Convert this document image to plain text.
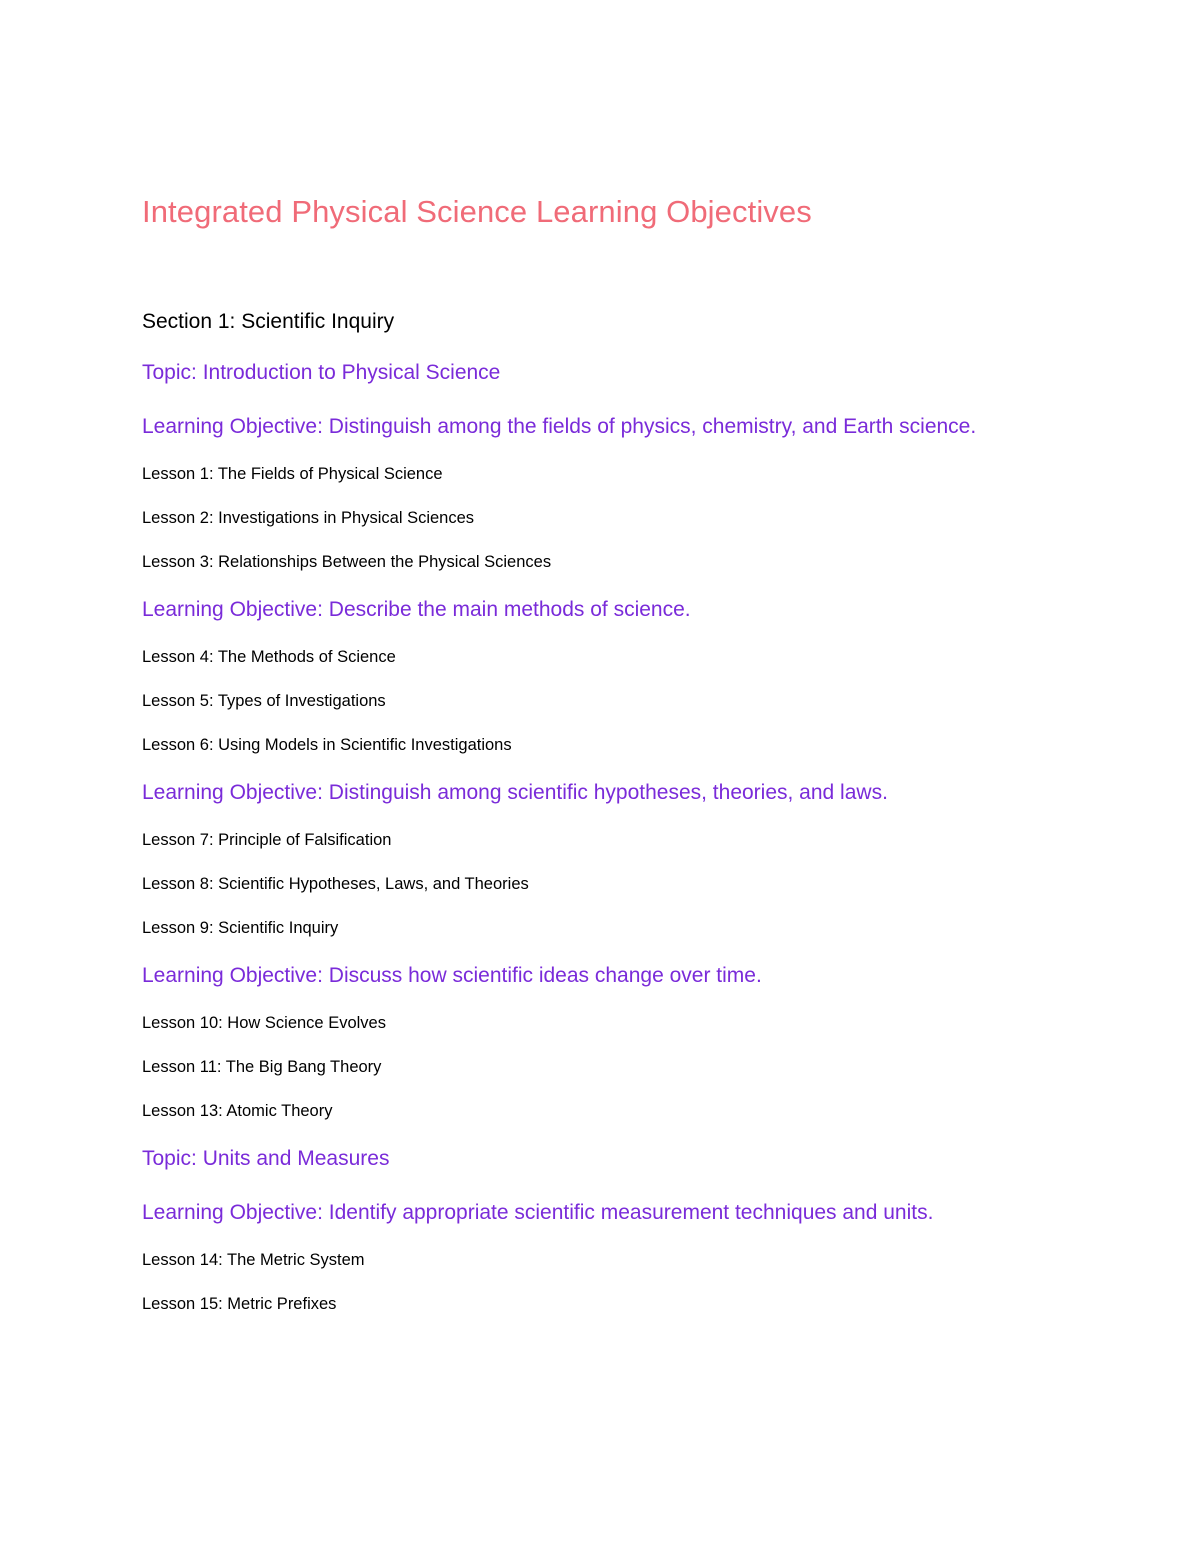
Integrated Physical Science Learning Objectives
Section 1: Scientific Inquiry
Topic: Introduction to Physical Science
Learning Objective: Distinguish among the fields of physics, chemistry, and Earth science.
Lesson 1: The Fields of Physical Science
Lesson 2: Investigations in Physical Sciences
Lesson 3: Relationships Between the Physical Sciences
Learning Objective: Describe the main methods of science.
Lesson 4: The Methods of Science
Lesson 5: Types of Investigations
Lesson 6: Using Models in Scientific Investigations
Learning Objective: Distinguish among scientific hypotheses, theories, and laws.
Lesson 7: Principle of Falsification
Lesson 8: Scientific Hypotheses, Laws, and Theories
Lesson 9: Scientific Inquiry
Learning Objective: Discuss how scientific ideas change over time.
Lesson 10: How Science Evolves
Lesson 11: The Big Bang Theory
Lesson 13: Atomic Theory
Topic: Units and Measures
Learning Objective: Identify appropriate scientific measurement techniques and units.
Lesson 14: The Metric System
Lesson 15: Metric Prefixes
